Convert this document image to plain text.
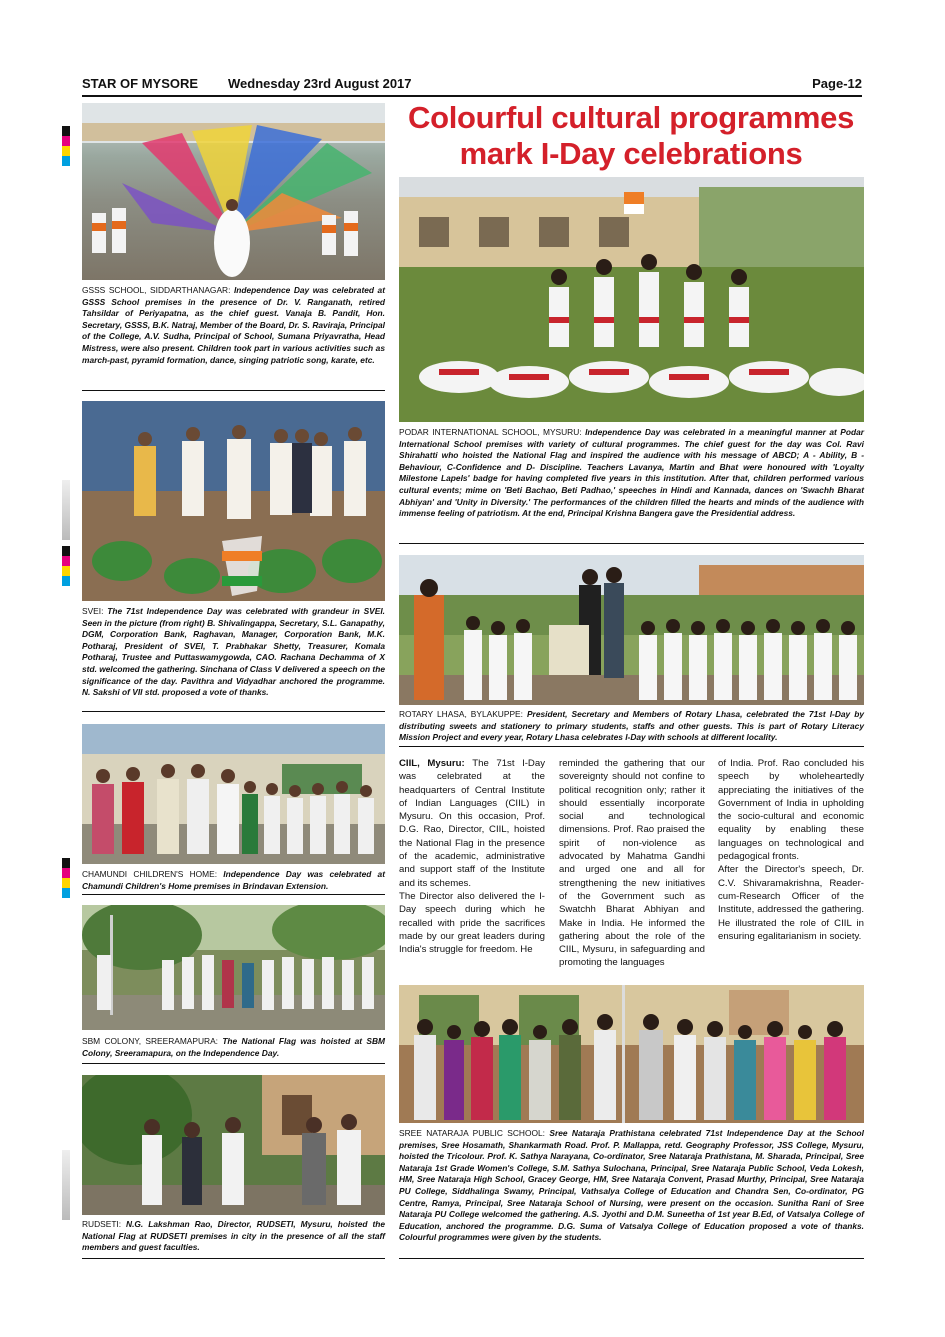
STAR OF MYSORE Wednesday 23rd August 2017	Page-12
Colourful cultural programmes
mark I-Day celebrations
GSSS SCHOOL, SIDDARTHANAGAR: Independence Day was celebrated at GSSS School premises in the presence of Dr. V. Ranganath, retired Tahsildar of Periyapatna, as the chief guest. Vanaja B. Pandit, Hon. Secretary, GSSS, B.K. Natraj, Member of the Board, Dr. S. Raviraja, Principal of the College, A.V. Sudha, Principal of School, Sumana Priyavratha, Head Mistress, were also present. Children took part in various activities such as march-past, pyramid formation, dance, singing patriotic song, karate, etc.
SVEI: The 71st Independence Day was celebrated with grandeur in SVEI. Seen in the picture (from right) B. Shivalingappa, Secretary, S.L. Ganapathy, DGM, Corporation Bank, Raghavan, Manager, Corporation Bank, M.K. Potharaj, President of SVEI, T. Prabhakar Shetty, Treasurer, Komala Potharaj, Trustee and Puttaswamygowda, CAO. Rachana Dechamma of X std. welcomed the gathering. Sinchana of Class V delivered a speech on the significance of the day. Pavithra and Vidyadhar anchored the programme. N. Sakshi of VII std. proposed a vote of thanks.
CHAMUNDI CHILDREN'S HOME: Independence Day was celebrated at Chamundi Children's Home premises in Brindavan Extension.
SBM COLONY, SREERAMAPURA: The National Flag was hoisted at SBM Colony, Sreeramapura, on the Independence Day.
RUDSETI: N.G. Lakshman Rao, Director, RUDSETI, Mysuru, hoisted the National Flag at RUDSETI premises in city in the presence of all the staff members and guest faculties.
PODAR INTERNATIONAL SCHOOL, MYSURU: Independence Day was celebrated in a meaningful manner at Podar International School premises with variety of cultural programmes. The chief guest for the day was Col. Ravi Shirahatti who hoisted the National Flag and inspired the audience with his message of ABCD; A - Ability, B - Behaviour, C-Confidence and D- Discipline. Teachers Lavanya, Martin and Bhat were honoured with 'Loyalty Milestone Lapels' badge for having completed five years in this institution. After that, children performed various cultural events; mime on 'Beti Bachao, Beti Padhao,' speeches in Hindi and Kannada, dances on 'Swachh Bharat Abhiyan' and 'Unity in Diversity.' The performances of the children filled the hearts and minds of the audience with immense feeling of patriotism. At the end, Principal Krishna Bangera gave the Presidential address.
ROTARY LHASA, BYLAKUPPE: President, Secretary and Members of Rotary Lhasa, celebrated the 71st I-Day by distributing sweets and stationery to primary students, staffs and other guests. This is part of Rotary Literacy Mission Project and every year, Rotary Lhasa celebrates I-Day with schools at different locality.
CIIL, Mysuru: The 71st I-Day was celebrated at the headquarters of Central Institute of Indian Languages (CIIL) in Mysuru. On this occasion, Prof. D.G. Rao, Director, CIIL, hoisted the National Flag in the presence of the academic, administrative and support staff of the Institute and its schemes.
The Director also delivered the I-Day speech during which he recalled with pride the sacrifices made by our great leaders during India's struggle for freedom. He
reminded the gathering that our sovereignty should not confine to political recognition only; rather it should essentially incorporate social and technological dimensions. Prof. Rao praised the spirit of non-violence as advocated by Mahatma Gandhi and urged one and all for strengthening the new initiatives of the Government such as Swatchh Bharat Abhiyan and Make in India. He informed the gathering about the role of the CIIL, Mysuru, in safeguarding and promoting the languages
of India. Prof. Rao concluded his speech by wholeheartedly appreciating the initiatives of the Government of India in upholding the socio-cultural and economic equality by enabling these languages on technological and pedagogical fronts.
After the Director's speech, Dr. C.V. Shivaramakrishna, Reader-cum-Research Officer of the Institute, addressed the gathering. He illustrated the role of CIIL in ensuring egalitarianism in society.
SREE NATARAJA PUBLIC SCHOOL: Sree Nataraja Prathistana celebrated 71st Independence Day at the School premises, Sree Hosamath, Shankarmath Road. Prof. P. Mallappa, retd. Geography Professor, JSS College, Mysuru, hoisted the Tricolour. Prof. K. Sathya Narayana, Co-ordinator, Sree Nataraja Prathistana, M. Sharada, Principal, Sree Nataraja 1st Grade Women's College, S.M. Sathya Sulochana, Principal, Sree Nataraja Public School, Veda Lokesh, HM, Sree Nataraja High School, Gracey George, HM, Sree Nataraja Convent, Prasad Murthy, Principal, Sree Nataraja PU College, Siddhalinga Swamy, Principal, Vathsalya College of Education and Chandra Sen, Co-ordinator, PG Centre, Ramya, Principal, Sree Nataraja School of Nursing, were present on the occasion. Sunitha Rani of Sree Nataraja PU College welcomed the gathering. A.S. Jyothi and D.M. Suneetha of 1st year B.Ed, of Vatsalya College of Education, anchored the programme. D.G. Suma of Vatsalya College of Education proposed a vote of thanks. Colourful programmes were given by the students.
